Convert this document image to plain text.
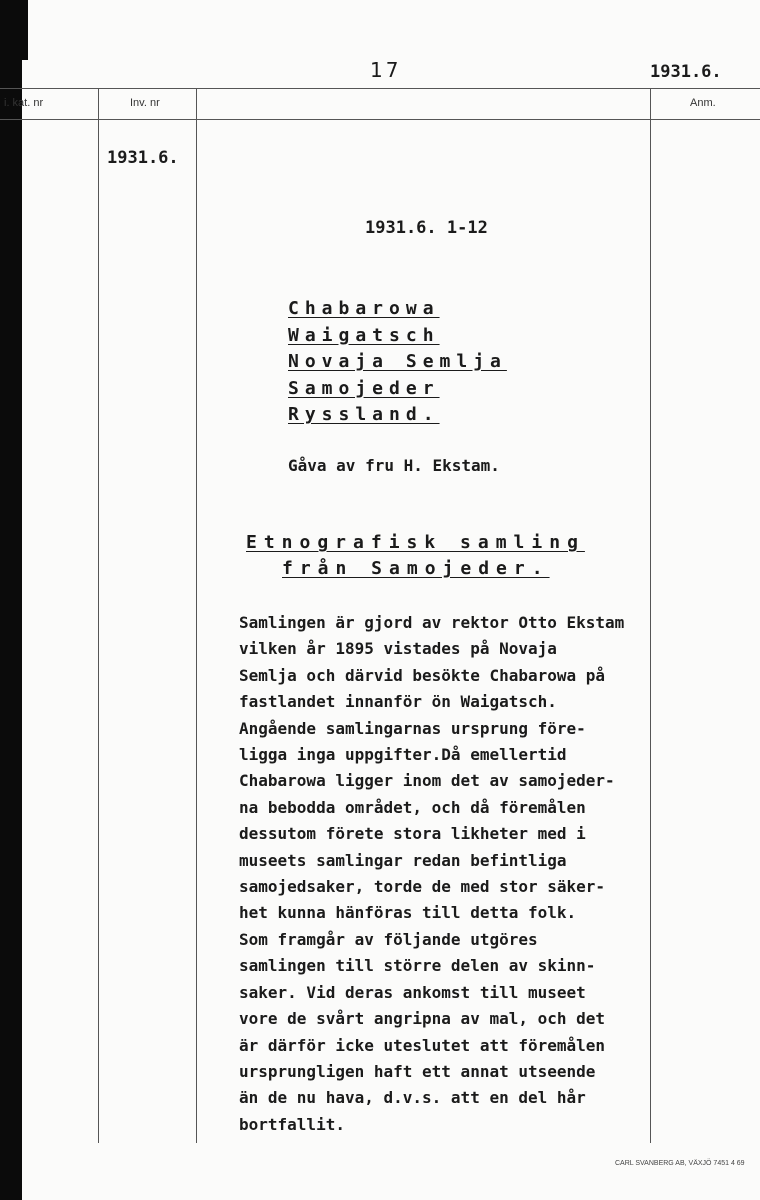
17	1931.6.
i. kat. nr	Inv. nr	Anm.
1931.6.
1931.6. 1-12
Chabarowa
Waigatsch
Novaja Semlja
Samojeder
Ryssland.
Gåva av fru H. Ekstam.
Etnografisk samling
från Samojeder.
Samlingen är gjord av rektor Otto Ekstam
vilken år 1895 vistades på Novaja
Semlja och därvid besökte Chabarowa på
fastlandet innanför ön Waigatsch.
Angående samlingarnas ursprung före-
ligga inga uppgifter.Då emellertid
Chabarowa ligger inom det av samojeder-
na bebodda området, och då föremålen
dessutom förete stora likheter med i
museets samlingar redan befintliga
samojedsaker, torde de med stor säker-
het kunna hänföras till detta folk.
Som framgår av följande utgöres
samlingen till större delen av skinn-
saker. Vid deras ankomst till museet
vore de svårt angripna av mal, och det
är därför icke uteslutet att föremålen
ursprungligen haft ett annat utseende
än de nu hava, d.v.s. att en del hår
bortfallit.
CARL SVANBERG AB, VÄXJÖ 7451 4 69
